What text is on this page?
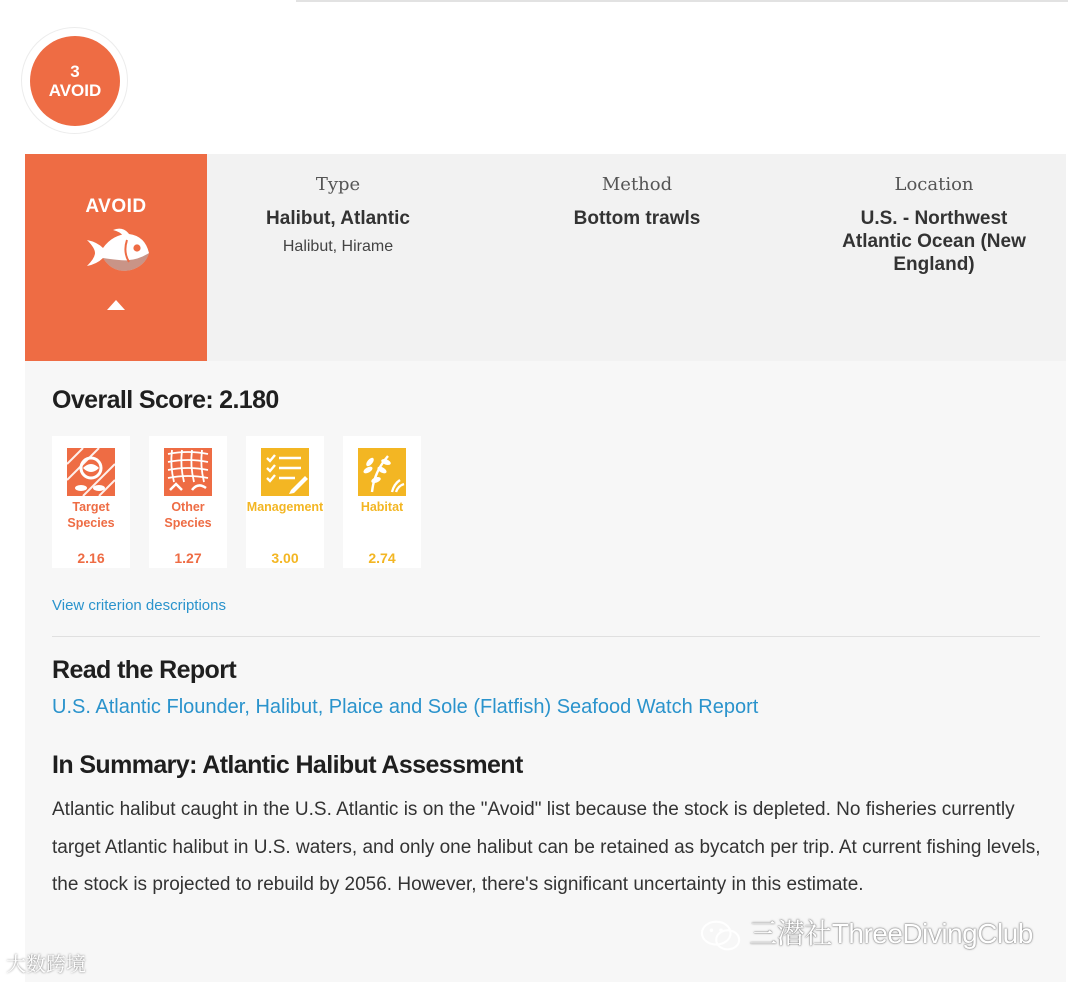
3
AVOID
AVOID
Type
Halibut, Atlantic
Halibut, Hirame
Method
Bottom trawls
Location
U.S. - Northwest Atlantic Ocean (New England)
Overall Score: 2.180
Target Species
2.16
Other Species
1.27
Management
3.00
Habitat
2.74
View criterion descriptions
Read the Report
U.S. Atlantic Flounder, Halibut, Plaice and Sole (Flatfish) Seafood Watch Report
In Summary: Atlantic Halibut Assessment
Atlantic halibut caught in the U.S. Atlantic is on the "Avoid" list because the stock is depleted. No fisheries currently target Atlantic halibut in U.S. waters, and only one halibut can be retained as bycatch per trip. At current fishing levels, the stock is projected to rebuild by 2056. However, there's significant uncertainty in this estimate.
三潜社ThreeDivingClub
大数跨境
